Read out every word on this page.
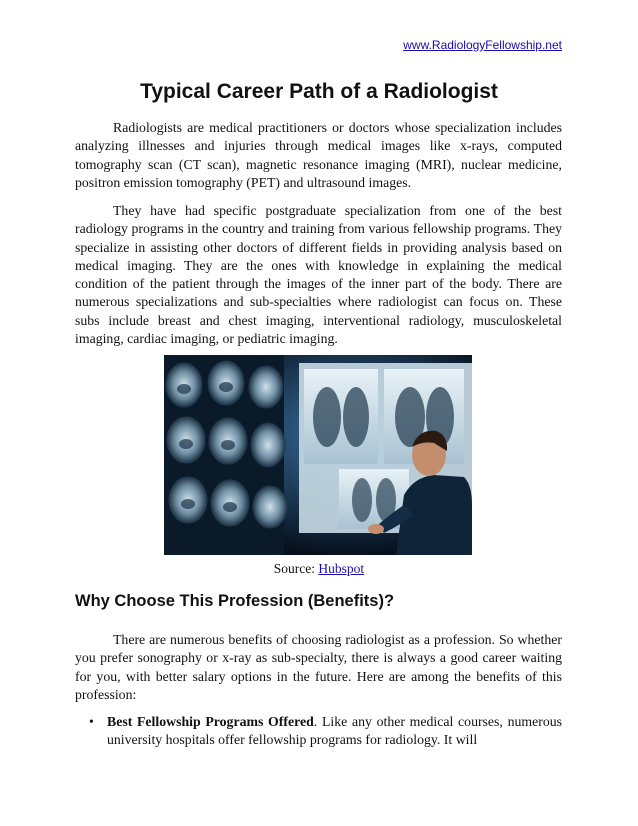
www.RadiologyFellowship.net
Typical Career Path of a Radiologist

Radiologists are medical practitioners or doctors whose specialization includes analyzing illnesses and injuries through medical images like x-rays, computed tomography scan (CT scan), magnetic resonance imaging (MRI), nuclear medicine, positron emission tomography (PET) and ultrasound images.

They have had specific postgraduate specialization from one of the best radiology programs in the country and training from various fellowship programs. They specialize in assisting other doctors of different fields in providing analysis based on medical imaging. They are the ones with knowledge in explaining the medical condition of the patient through the images of the inner part of the body. There are numerous specializations and sub-specialties where radiologist can focus on. These subs include breast and chest imaging, interventional radiology, musculoskeletal imaging, cardiac imaging, or pediatric imaging.

Source: Hubspot
Why Choose This Profession (Benefits)?

There are numerous benefits of choosing radiologist as a profession. So whether you prefer sonography or x-ray as sub-specialty, there is always a good career waiting for you, with better salary options in the future. Here are among the benefits of this profession:

• Best Fellowship Programs Offered. Like any other medical courses, numerous university hospitals offer fellowship programs for radiology. It will
